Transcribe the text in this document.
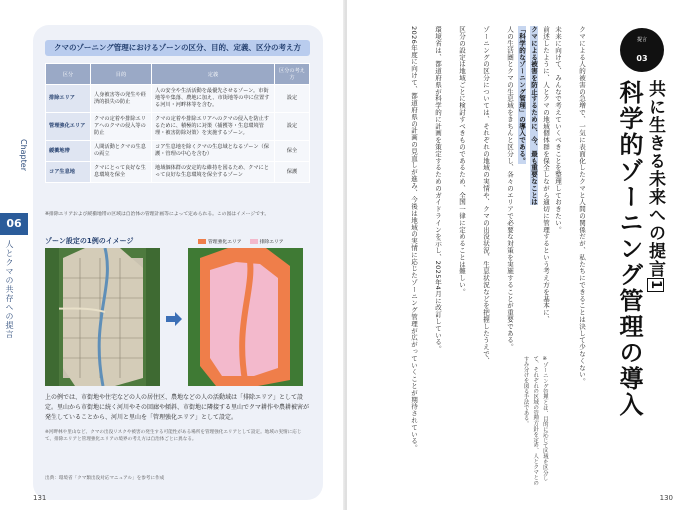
Chapter
06
人とクマの共存への提言
クマのゾーニング管理におけるゾーンの区分、目的、定義、区分の考え方
区分	目的	定義	区分の考え方
排除エリア	人身被害等の発生や経済的損失の防止	人の安全や生活活動を最優先させるゾーン。市街地等や集落、農地に加え、市街地等の中に位置する河川・河畔林等を含む。	設定
管理強化エリア	クマの定着や排除エリアへのクマの侵入等の防止	クマの定着や排除エリアへのクマの侵入を防止するために、積極的に対策（捕獲等・生息環境管理・被害防除対策）を実施するゾーン。	設定
緩衝地帯	人間活動とクマの生息の両立	コア生息地を除くクマの生息域となるゾーン（保護・管理の中心を含む）	保全
コア生息地	クマにとって良好な生息環境を保全	地域個体群の安定的な維持を図るため、クマにとって良好な生息環境を保全するゾーン	保護
※排除エリアおよび緩衝地帯の区域は自治体の管理計画等によって定められる。この図はイメージです。
ゾーン設定の1例のイメージ	管理強化エリア	排除エリア
上の例では、市街地や住宅などの人の居住区、農地などの人の活動域は「排除エリア」として設定。里山から市街地に続く河川やその回廊や傾斜、市街地に隣接する里山でクマ耕作や農耕被害が発生していることから、河川と里山を「管理強化エリア」として設定。
※河畔林や里山など、クマの出没リスクや被害の発生する可能性がある場所を管理強化エリアとして設定。地域の実情に応じて、排除エリアと管理強化エリアの境界の考え方は自治体ごとに異なる。
出典：環境省「クマ類出没対応マニュアル」を参考に作成
131	130
提言
03
共に生きる未来への提言1
科学的ゾーニング管理の導入
クマによる人的被害の急増で、一気に表面化したクマと人間の関係だが、私たちにできることは決して少なくない。
未来に向けて、みんなで考えていくべきことを整理しておきたい。
前述したように、人とクマの地域個体群を保全しながら適切に管理するという考え方を基本に、
クマによる被害を防止するために、今、最も重要なことは
「科学的なゾーニング管理」の導入である。
人の生活圏とクマの生息域をきちんと区分し、各々のエリアで必要な対策を実施することが重要である。
ゾーニングの区分については、それぞれの地域の実情や、クマの出没状況、生息状況などを把握したうえで、
区分の設定は地域ごとに検討すべきものであるため、全国一律に定めることは難しい。
環境省は、都道府県が科学的に計画を策定するためのガイドラインを示し、2025年4月に改訂している。
2026年度に向けて、都道府県の計画の見直しが進み、今後は地域の実情に応じたゾーニング管理が広がっていくことが期待されている。	※ゾーニング管理とは、目的に応じて区域を区分して、それぞれの区域の管理方針を定め、人とクマとのすみ分けを図る手法である。
